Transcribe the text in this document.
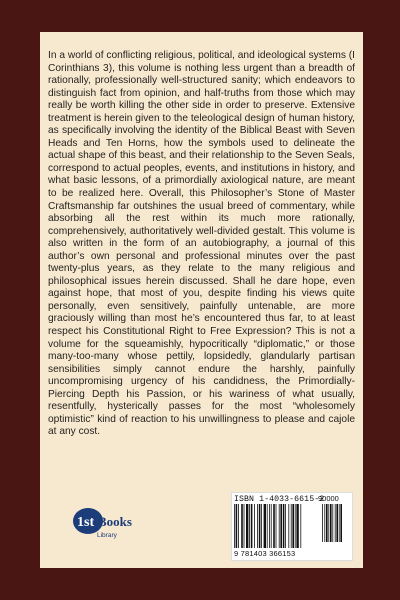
In a world of conflicting religious, political, and ideological systems (I Corinthians 3), this volume is nothing less urgent than a breadth of rationally, professionally well-structured sanity; which endeavors to distinguish fact from opinion, and half-truths from those which may really be worth killing the other side in order to preserve. Extensive treatment is herein given to the teleological design of human history, as specifically involving the identity of the Biblical Beast with Seven Heads and Ten Horns, how the symbols used to delineate the actual shape of this beast, and their relationship to the Seven Seals, correspond to actual peoples, events, and institutions in history, and what basic lessons, of a primordially axiological nature, are meant to be realized here. Overall, this Philosopher’s Stone of Master Craftsmanship far outshines the usual breed of commentary, while absorbing all the rest within its much more rationally, comprehensively, authoritatively well-divided gestalt. This volume is also written in the form of an autobiography, a journal of this author’s own personal and professional minutes over the past twenty-plus years, as they relate to the many religious and philosophical issues herein discussed. Shall he dare hope, even against hope, that most of you, despite finding his views quite personally, even sensitively, painfully untenable, are more graciously willing than most he’s encountered thus far, to at least respect his Constitutional Right to Free Expression? This is not a volume for the squeamishly, hypocritically “diplomatic,” or those many-too-many whose pettily, lopsidedly, glandularly partisan sensibilities simply cannot endure the harshly, painfully uncompromising urgency of his candidness, the Primordially-Piercing Depth his Passion, or his wariness of what usually, resentfully, hysterically passes for the most “wholesomely optimistic” kind of reaction to his unwillingness to please and cajole at any cost.

1st Books
Library
ISBN 1-4033-6615-2
90000
9 781403 366153
